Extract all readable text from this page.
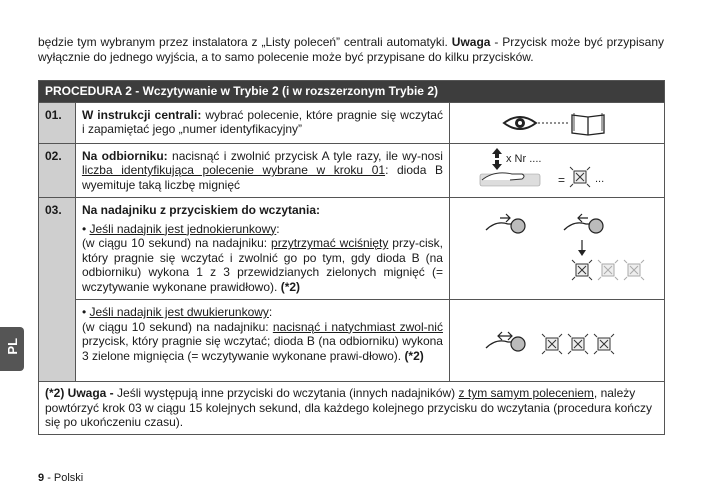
będzie tym wybranym przez instalatora z „Listy poleceń” centrali automatyki. Uwaga - Przycisk może być przypisany wyłącznie do jednego wyjścia, a to samo polecenie może być przypisane do kilku przycisków.
PROCEDURA 2 - Wczytywanie w Trybie 2 (i w rozszerzonym Trybie 2)		
01.	W instrukcji centrali: wybrać polecenie, które pragnie się wczytać i zapamiętać jego „numer identyfikacyjny”	

02.	Na odbiorniku: nacisnąć i zwolnić przycisk A tyle razy, ile wy-nosi liczba identyfikująca polecenie wybrane w kroku 01: dioda B wyemituje taką liczbę mignięć	x Nr ....
= ...

03.	Na nadajniku z przyciskiem do wczytania:
• Jeśli nadajnik jest jednokierunkowy:
(w ciągu 10 sekund) na nadajniku: przytrzymać wciśnięty przy-cisk, który pragnie się wczytać i zwolnić go po tym, gdy dioda B (na odbiorniku) wykona 1 z 3 przewidzianych zielonych mignięć (= wczytywanie wykonane prawidłowo). (*2)

	• Jeśli nadajnik jest dwukierunkowy:
(w ciągu 10 sekund) na nadajniku: nacisnąć i natychmiast zwol-nić przycisk, który pragnie się wczytać; dioda B (na odbiorniku) wykona 3 zielone mignięcia (= wczytywanie wykonane prawi-dłowo). (*2)

(*2) Uwaga - Jeśli występują inne przyciski do wczytania (innych nadajników) z tym samym poleceniem, należy powtórzyć krok 03 w ciągu 15 kolejnych sekund, dla każdego kolejnego przycisku do wczytania (procedura kończy się po ukończeniu czasu).		
PL
9 - Polski
